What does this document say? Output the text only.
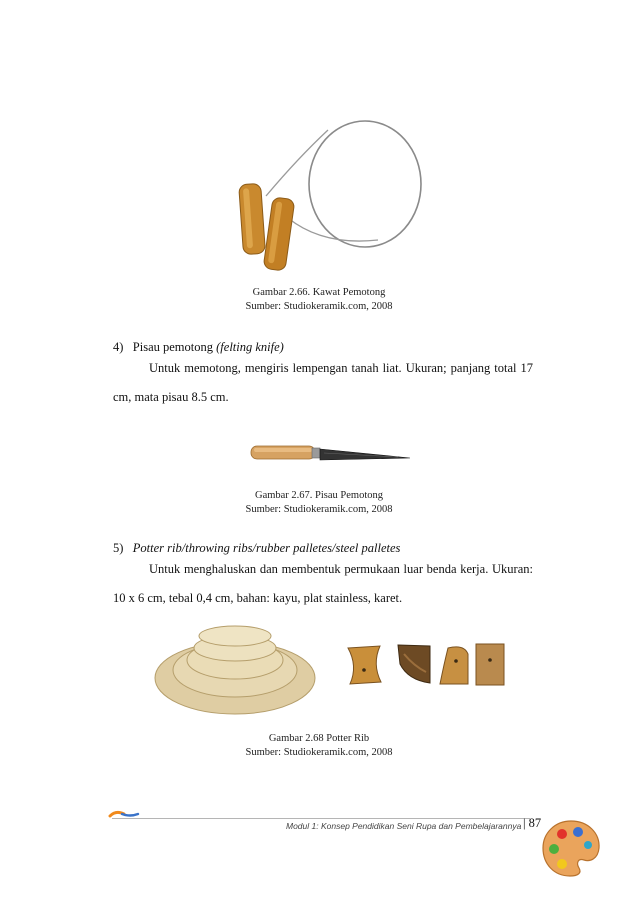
Gambar 2.66. Kawat Pemotong
Sumber: Studiokeramik.com, 2008
4) Pisau pemotong (felting knife)
Untuk memotong, mengiris lempengan tanah liat. Ukuran; panjang total 17 cm, mata pisau 8.5 cm.
Gambar 2.67. Pisau Pemotong
Sumber: Studiokeramik.com, 2008
5) Potter rib/throwing ribs/rubber palletes/steel palletes
Untuk menghaluskan dan membentuk permukaan luar benda kerja. Ukuran: 10 x 6 cm, tebal 0,4 cm, bahan: kayu, plat stainless, karet.
Gambar 2.68 Potter Rib
Sumber: Studiokeramik.com, 2008
Modul 1: Konsep Pendidikan Seni Rupa dan Pembelajarannya | 87
